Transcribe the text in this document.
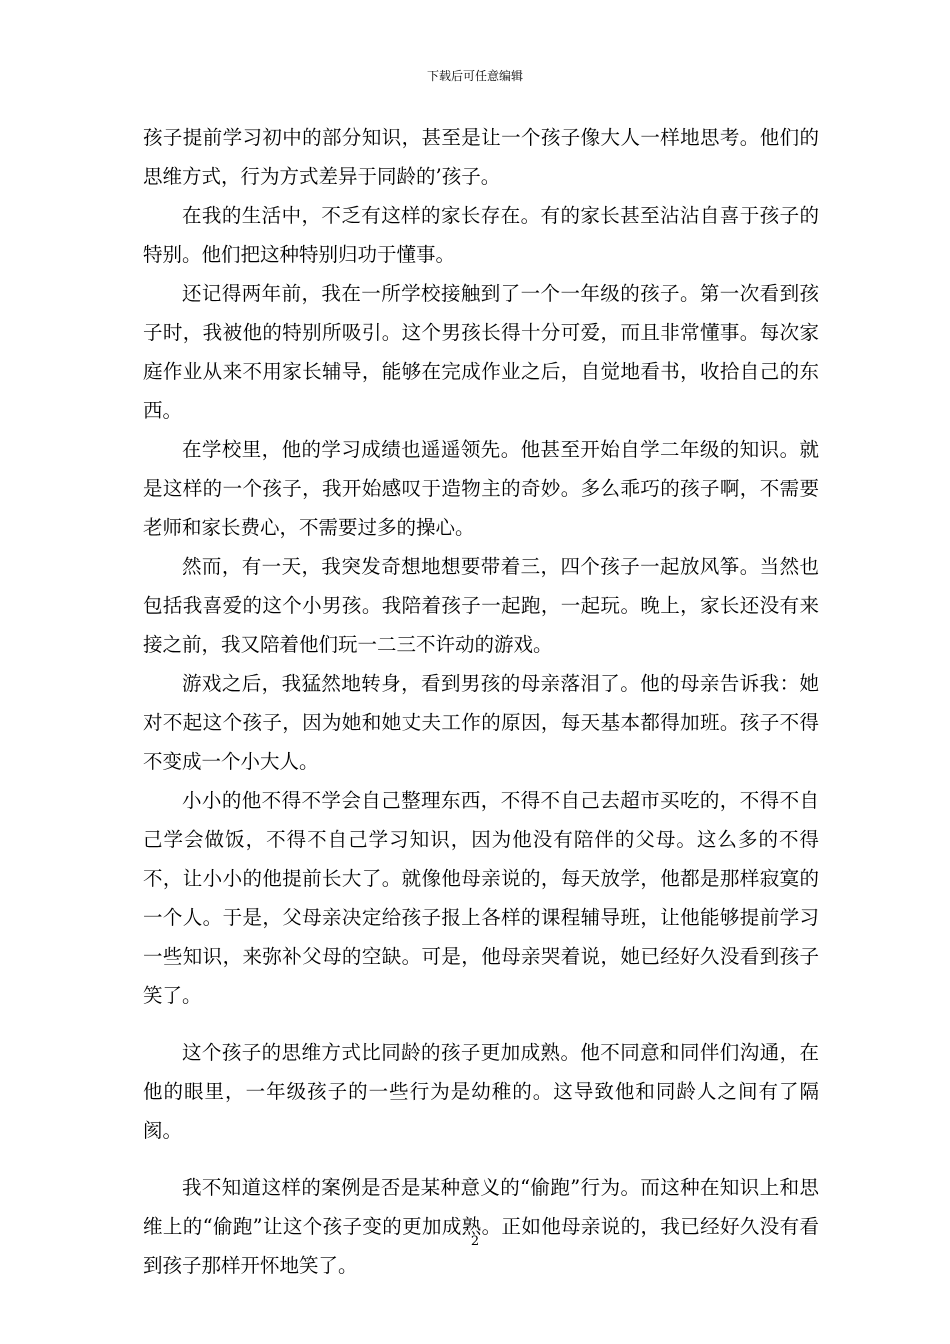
下载后可任意编辑

孩子提前学习初中的部分知识，甚至是让一个孩子像大人一样地思考。他们的思维方式，行为方式差异于同龄的’孩子。

在我的生活中，不乏有这样的家长存在。有的家长甚至沾沾自喜于孩子的特别。他们把这种特别归功于懂事。

还记得两年前，我在一所学校接触到了一个一年级的孩子。第一次看到孩子时，我被他的特别所吸引。这个男孩长得十分可爱，而且非常懂事。每次家庭作业从来不用家长辅导，能够在完成作业之后，自觉地看书，收拾自己的东西。

在学校里，他的学习成绩也遥遥领先。他甚至开始自学二年级的知识。就是这样的一个孩子，我开始感叹于造物主的奇妙。多么乖巧的孩子啊，不需要老师和家长费心，不需要过多的操心。

然而，有一天，我突发奇想地想要带着三，四个孩子一起放风筝。当然也包括我喜爱的这个小男孩。我陪着孩子一起跑，一起玩。晚上，家长还没有来接之前，我又陪着他们玩一二三不许动的游戏。

游戏之后，我猛然地转身，看到男孩的母亲落泪了。他的母亲告诉我：她对不起这个孩子，因为她和她丈夫工作的原因，每天基本都得加班。孩子不得不变成一个小大人。

小小的他不得不学会自己整理东西，不得不自己去超市买吃的，不得不自己学会做饭，不得不自己学习知识，因为他没有陪伴的父母。这么多的不得不，让小小的他提前长大了。就像他母亲说的，每天放学，他都是那样寂寞的一个人。于是，父母亲决定给孩子报上各样的课程辅导班，让他能够提前学习一些知识，来弥补父母的空缺。可是，他母亲哭着说，她已经好久没看到孩子笑了。

这个孩子的思维方式比同龄的孩子更加成熟。他不同意和同伴们沟通，在他的眼里，一年级孩子的一些行为是幼稚的。这导致他和同龄人之间有了隔阂。

我不知道这样的案例是否是某种意义的“偷跑”行为。而这种在知识上和思维上的“偷跑”让这个孩子变的更加成熟。正如他母亲说的，我已经好久没有看到孩子那样开怀地笑了。

2
